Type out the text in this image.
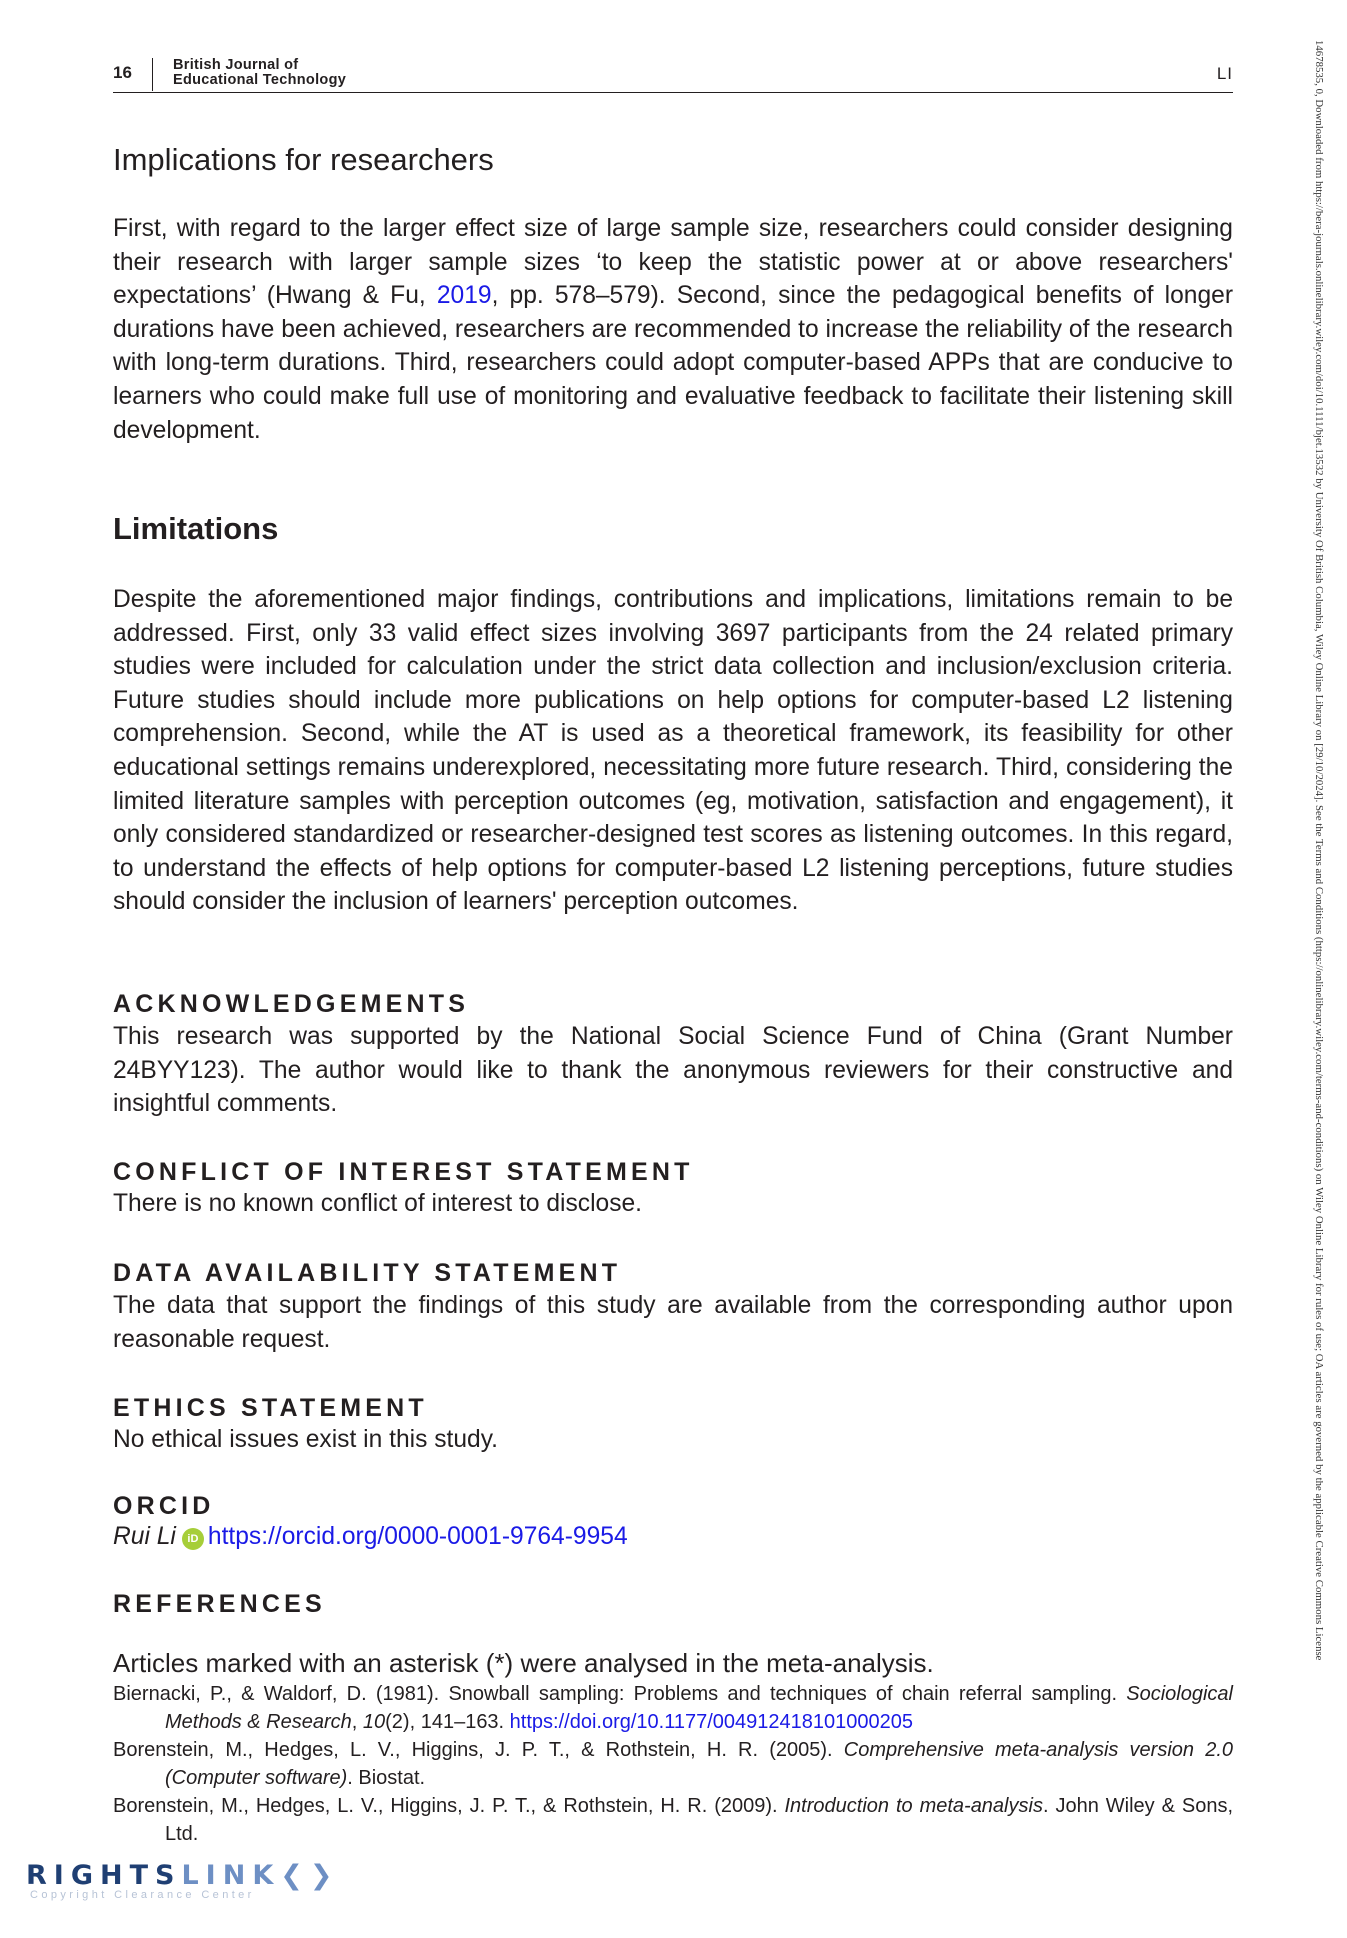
16	British Journal of
Educational Technology	LI	14678535, 0, Downloaded from https://bera-journals.onlinelibrary.wiley.com/doi/10.1111/bjet.13532 by University Of British Columbia, Wiley Online Library on [29/10/2024]. See the Terms and Conditions (https://onlinelibrary.wiley.com/terms-and-conditions) on Wiley Online Library for rules of use; OA articles are governed by the applicable Creative Commons License
Implications for researchers

First, with regard to the larger effect size of large sample size, researchers could consider designing their research with larger sample sizes ‘to keep the statistic power at or above researchers' expectations’ (Hwang & Fu, 2019, pp. 578–579). Second, since the pedagogical benefits of longer durations have been achieved, researchers are recommended to increase the reliability of the research with long-term durations. Third, researchers could adopt computer-based APPs that are conducive to learners who could make full use of monitoring and evaluative feedback to facilitate their listening skill development.

Limitations

Despite the aforementioned major findings, contributions and implications, limitations remain to be addressed. First, only 33 valid effect sizes involving 3697 participants from the 24 related primary studies were included for calculation under the strict data collection and inclusion/exclusion criteria. Future studies should include more publications on help options for computer-based L2 listening comprehension. Second, while the AT is used as a theoretical framework, its feasibility for other educational settings remains underexplored, necessitating more future research. Third, considering the limited literature samples with perception outcomes (eg, motivation, satisfaction and engagement), it only considered standardized or researcher-designed test scores as listening outcomes. In this regard, to understand the effects of help options for computer-based L2 listening perceptions, future studies should consider the inclusion of learners' perception outcomes.

ACKNOWLEDGEMENTS

This research was supported by the National Social Science Fund of China (Grant Number 24BYY123). The author would like to thank the anonymous reviewers for their constructive and insightful comments.

CONFLICT OF INTEREST STATEMENT

There is no known conflict of interest to disclose.

DATA AVAILABILITY STATEMENT

The data that support the findings of this study are available from the corresponding author upon reasonable request.

ETHICS STATEMENT

No ethical issues exist in this study.

ORCID
Rui Li iD https://orcid.org/0000-0001-9764-9954
REFERENCES
Articles marked with an asterisk (*) were analysed in the meta-analysis.

Biernacki, P., & Waldorf, D. (1981). Snowball sampling: Problems and techniques of chain referral sampling. Sociological Methods & Research, 10(2), 141–163. https://doi.org/10.1177/004912418101000205

Borenstein, M., Hedges, L. V., Higgins, J. P. T., & Rothstein, H. R. (2005). Comprehensive meta-analysis version 2.0 (Computer software). Biostat.

Borenstein, M., Hedges, L. V., Higgins, J. P. T., & Rothstein, H. R. (2009). Introduction to meta-analysis. John Wiley & Sons, Ltd.

RIGHTSLINK❮❯
Copyright Clearance Center
